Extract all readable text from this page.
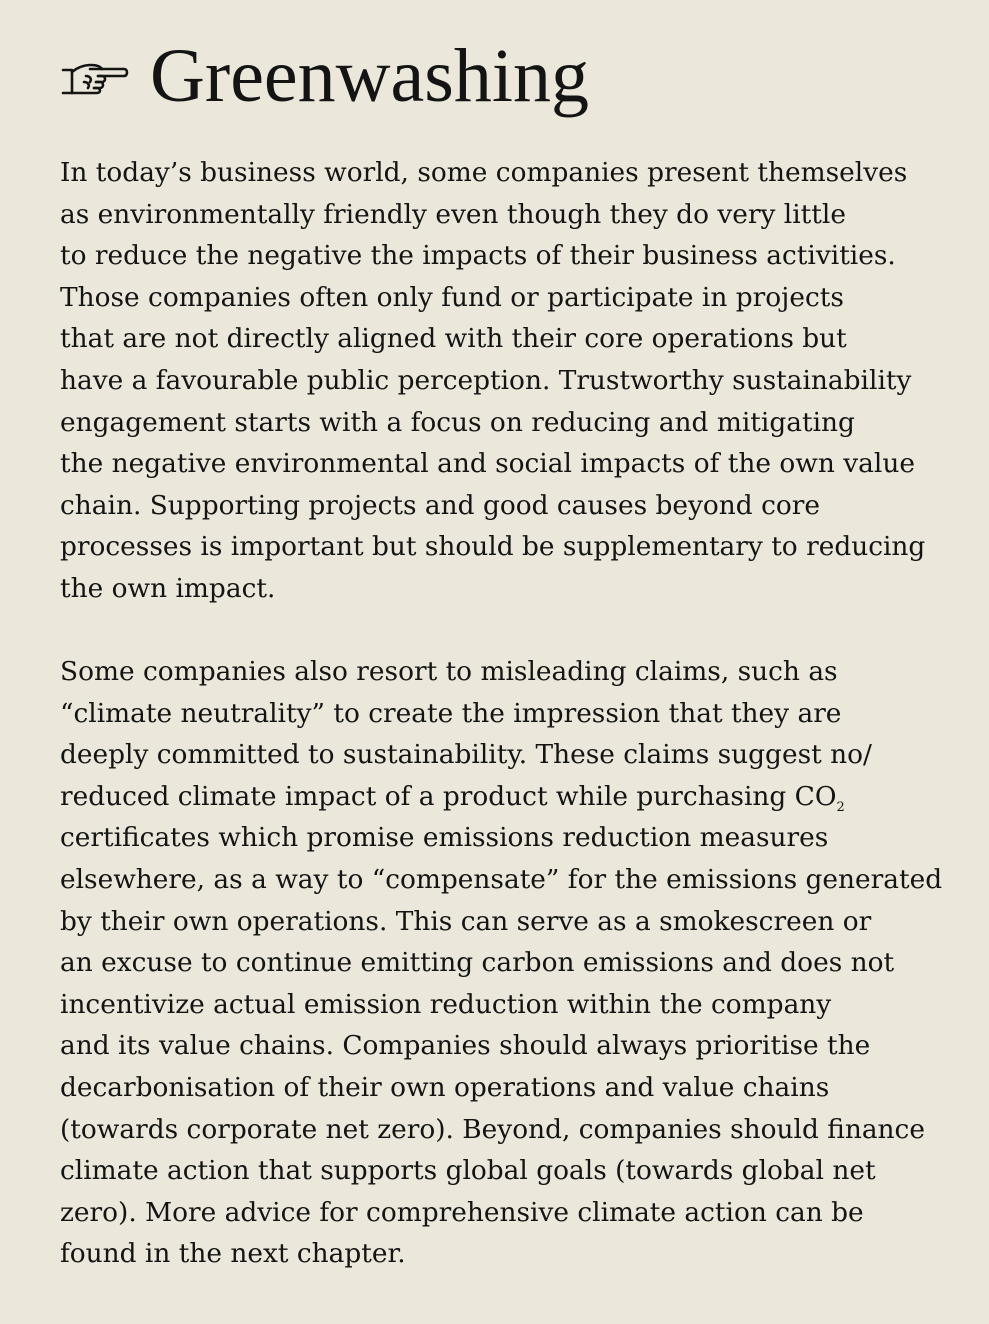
Greenwashing

In today’s business world, some companies present themselves
as environmentally friendly even though they do very little
to reduce the negative the impacts of their business activities.
Those companies often only fund or participate in projects
that are not directly aligned with their core operations but
have a favourable public perception. Trustworthy sustainability
engagement starts with a focus on reducing and mitigating
the negative environmental and social impacts of the own value
chain. Supporting projects and good causes beyond core
processes is important but should be supplementary to reducing
the own impact.

Some companies also resort to misleading claims, such as
“climate neutrality” to create the impression that they are
deeply committed to sustainability. These claims suggest no/
reduced climate impact of a product while purchasing $CO_2$
certificates which promise emissions reduction measures
elsewhere, as a way to “compensate” for the emissions generated
by their own operations. This can serve as a smokescreen or
an excuse to continue emitting carbon emissions and does not
incentivize actual emission reduction within the company
and its value chains. Companies should always prioritise the
decarbonisation of their own operations and value chains
(towards corporate net zero). Beyond, companies should finance
climate action that supports global goals (towards global net
zero). More advice for comprehensive climate action can be
found in the next chapter.
